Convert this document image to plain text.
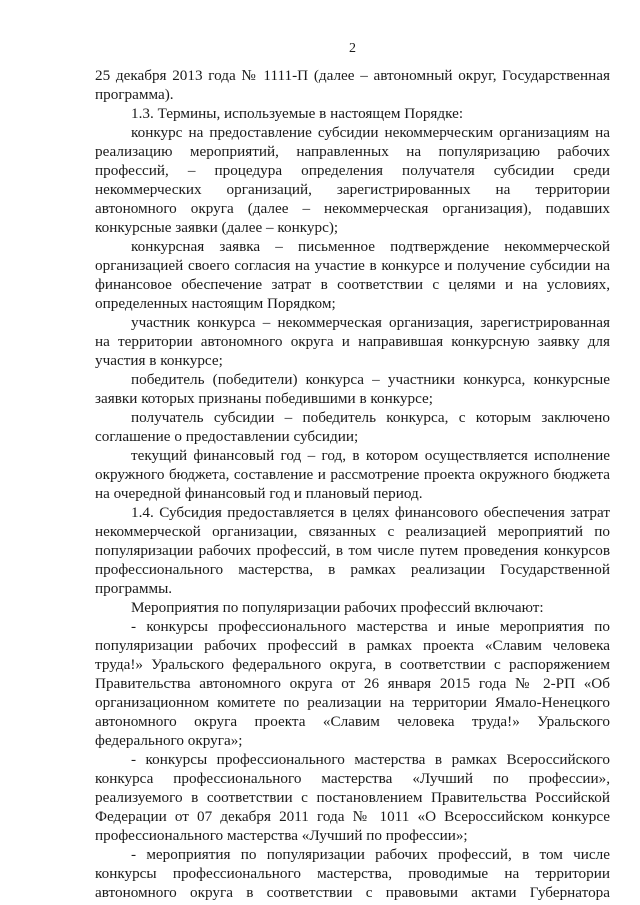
2

25 декабря 2013 года № 1111-П (далее – автономный округ, Государственная программа).

1.3. Термины, используемые в настоящем Порядке:

конкурс на предоставление субсидии некоммерческим организациям на реализацию мероприятий, направленных на популяризацию рабочих профессий, – процедура определения получателя субсидии среди некоммерческих организаций, зарегистрированных на территории автономного округа (далее – некоммерческая организация), подавших конкурсные заявки (далее – конкурс);

конкурсная заявка – письменное подтверждение некоммерческой организацией своего согласия на участие в конкурсе и получение субсидии на финансовое обеспечение затрат в соответствии с целями и на условиях, определенных настоящим Порядком;

участник конкурса – некоммерческая организация, зарегистрированная на территории автономного округа и направившая конкурсную заявку для участия в конкурсе;

победитель (победители) конкурса – участники конкурса, конкурсные заявки которых признаны победившими в конкурсе;

получатель субсидии – победитель конкурса, с которым заключено соглашение о предоставлении субсидии;

текущий финансовый год – год, в котором осуществляется исполнение окружного бюджета, составление и рассмотрение проекта окружного бюджета на очередной финансовый год и плановый период.

1.4. Субсидия предоставляется в целях финансового обеспечения затрат некоммерческой организации, связанных с реализацией мероприятий по популяризации рабочих профессий, в том числе путем проведения конкурсов профессионального мастерства, в рамках реализации Государственной программы.

Мероприятия по популяризации рабочих профессий включают:

- конкурсы профессионального мастерства и иные мероприятия по популяризации рабочих профессий в рамках проекта «Славим человека труда!» Уральского федерального округа, в соответствии с распоряжением Правительства автономного округа от 26 января 2015 года № 2-РП «Об организационном комитете по реализации на территории Ямало-Ненецкого автономного округа проекта «Славим человека труда!» Уральского федерального округа»;

- конкурсы профессионального мастерства в рамках Всероссийского конкурса профессионального мастерства «Лучший по профессии», реализуемого в соответствии с постановлением Правительства Российской Федерации от 07 декабря 2011 года № 1011 «О Всероссийском конкурсе профессионального мастерства «Лучший по профессии»;

- мероприятия по популяризации рабочих профессий, в том числе конкурсы профессионального мастерства, проводимые на территории автономного округа в соответствии с правовыми актами Губернатора
